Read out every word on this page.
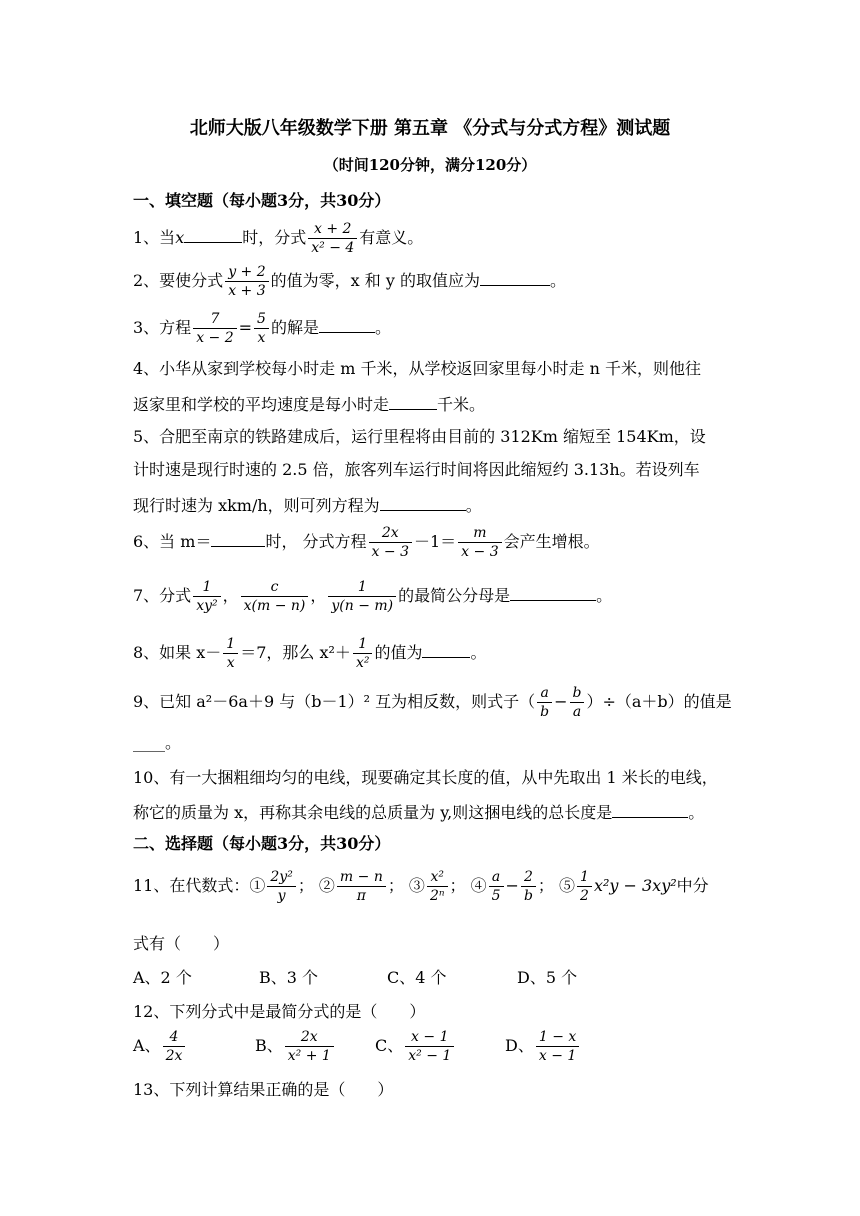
北师大版八年级数学下册 第五章 《分式与分式方程》测试题
（时间120分钟，满分120分）
一、填空题（每小题3分，共30分）
1、当x	时，分式 $\frac{x + 2}{\text{x² − 4}}$ 有意义。
2、要使分式 $\frac{y + 2}{x + 3}$ 的值为零，x 和 y 的取值应为	。
3、方程 $\frac{7}{x - 2} = \frac{5}{x}$ 的解是	。
4、小华从家到学校每小时走 m 千米，从学校返回家里每小时走 n 千米，则他往
返家里和学校的平均速度是每小时走	千米。
5、合肥至南京的铁路建成后，运行里程将由目前的 312Km 缩短至 154Km，设
计时速是现行时速的 2.5 倍，旅客列车运行时间将因此缩短约 3.13h。若设列车
现行时速为 xkm/h，则可列方程为	。
6、当 m＝	时， 分式方程 $\frac{2x}{x - 3} -1= \frac{m}{x - 3}$ 会产生增根。
7、分式 $\frac{1}{\text{xy²}}$ ， $\frac{c}{x(m - n)}$ ， $\frac{1}{y(n - m)}$ 的最简公分母是	。
8、如果 $x- \frac{1}{x} =7$，那么 $x^2+ \frac{1}{\text{x²}}$ 的值为	。
9、已知 a²－6a＋9 与（b－1）² 互为相反数，则式子（ $\frac{a}{b} - \frac{b}{a} )\div(a+b)$的值是
____。
10、有一大捆粗细均匀的电线，现要确定其长度的值，从中先取出 1 米长的电线，
称它的质量为 x，再称其余电线的总质量为 y,则这捆电线的总长度是	。
二、选择题（每小题3分，共30分）
11、在代数式：① $\frac{\text{2y²}}{y}$ ； ② $\frac{m - n}{\pi}$ ； ③ $\frac{\text{x²}}{\text{2ⁿ}}$ ； ④ $\frac{a}{5} - \frac{2}{b}$ ； ⑤ $\frac{1}{2} x^2y - 3xy^2$中分
式有（　　）
A、2 个	B、3 个	C、4 个	D、5 个
12、下列分式中是最简分式的是（　　）
A、 $\frac{4}{2x}$	B、 $\frac{2x}{\text{x² + 1}}$	C、 $\frac{x - 1}{\text{x² − 1}}$	D、 $\frac{1 - x}{x - 1}$
13、下列计算结果正确的是（　　）
